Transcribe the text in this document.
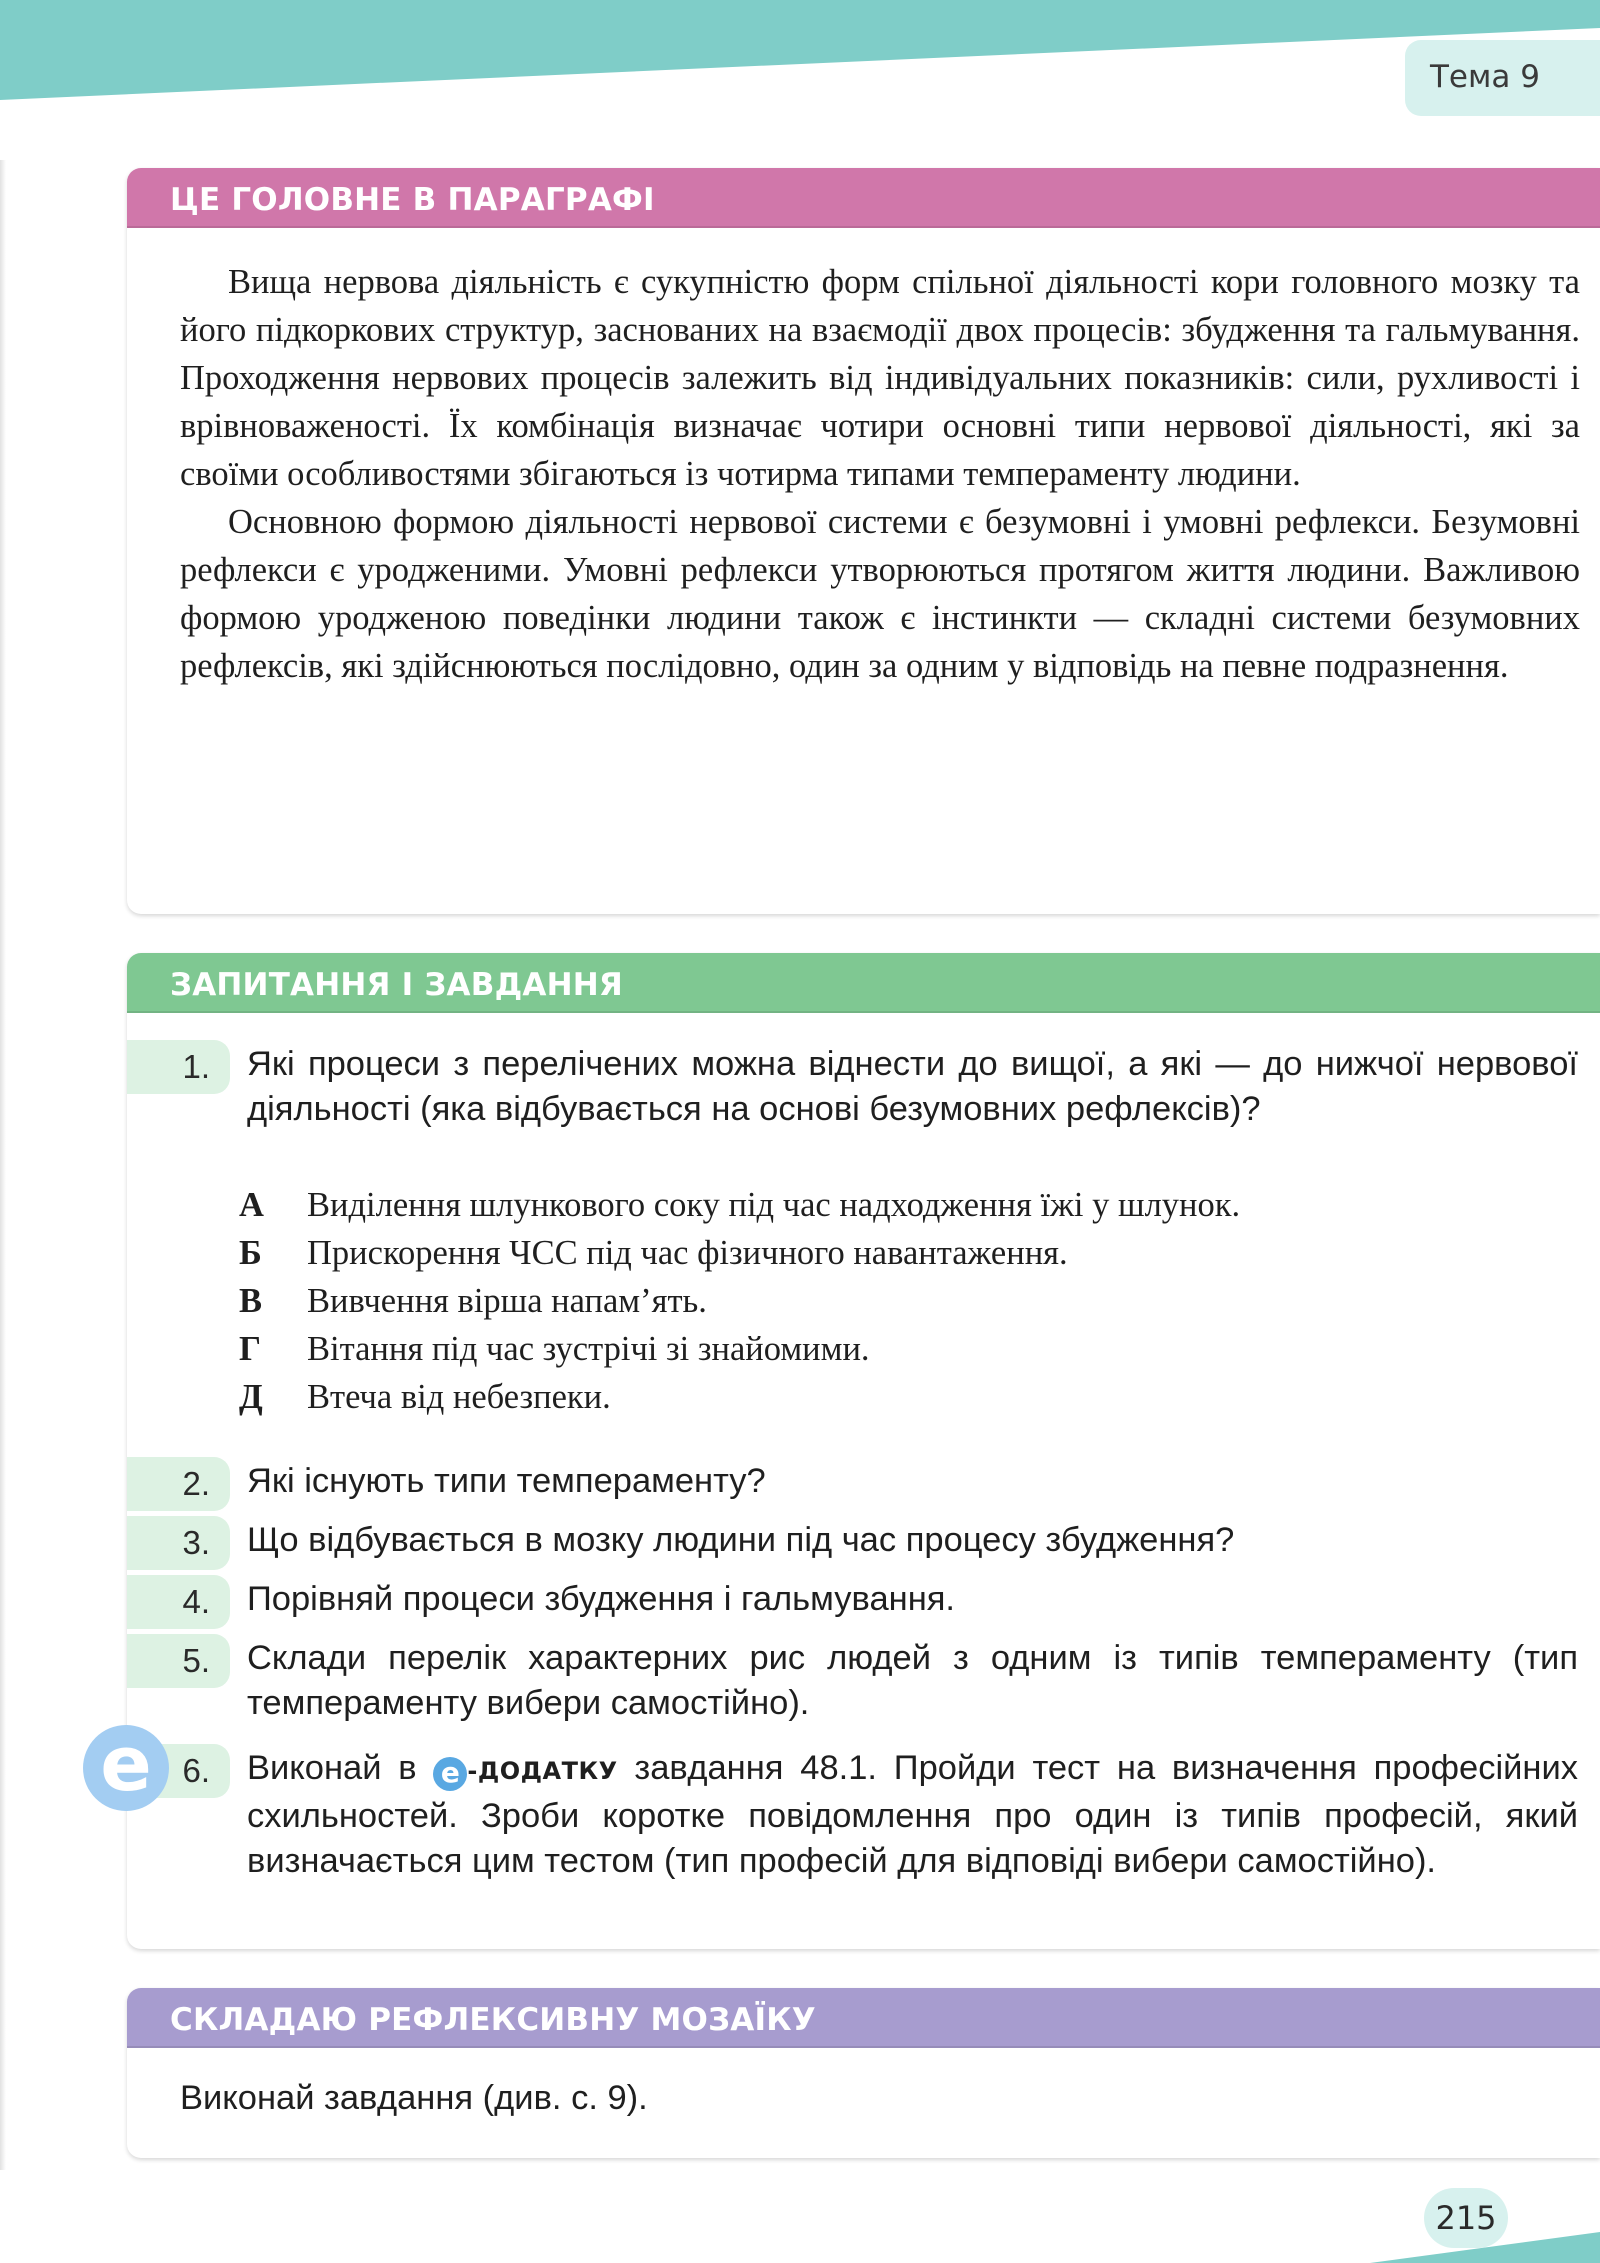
Тема 9
ЦЕ ГОЛОВНЕ В ПАРАГРАФІ

Вища нервова діяльність є сукупністю форм спільної діяльності кори головного мозку та його підкоркових структур, заснованих на взаємодії двох процесів: збудження та гальмування. Проходження нервових процесів залежить від індивідуальних показників: сили, рухливості і врівноваженості. Їх комбінація визначає чотири основні типи нервової діяльності, які за своїми особливостями збігаються із чотирма типами темпераменту людини.

Основною формою діяльності нервової системи є безумовні і умовні рефлекси. Безумовні рефлекси є уродженими. Умовні рефлекси утворюються протягом життя людини. Важливою формою уродженою поведінки людини також є інстинкти — складні системи безумовних рефлексів, які здійснюються послідовно, один за одним у відповідь на певне подразнення.

ЗАПИТАННЯ І ЗАВДАННЯ
1. Які процеси з перелічених можна віднести до вищої, а які — до нижчої нервової діяльності (яка відбувається на основі безумовних рефлексів)?
А Виділення шлункового соку під час надходження їжі у шлунок.
Б Прискорення ЧСС під час фізичного навантаження.
В Вивчення вірша напам’ять.
Г Вітання під час зустрічі зі знайомими.
Д Втеча від небезпеки.
2. Які існують типи темпераменту?
3. Що відбувається в мозку людини під час процесу збудження?
4. Порівняй процеси збудження і гальмування.
5. Склади перелік характерних рис людей з одним із типів темпераменту (тип темпераменту вибери самостійно).
6. Виконай в е -ДОДАТКУ завдання 48.1. Пройди тест на визначення професійних схильностей. Зроби коротке повідомлення про один із типів професій, який визначається цим тестом (тип професій для відповіді вибери самостійно).
е
СКЛАДАЮ РЕФЛЕКСИВНУ МОЗАЇКУ
Виконай завдання (див. с. 9).
215
